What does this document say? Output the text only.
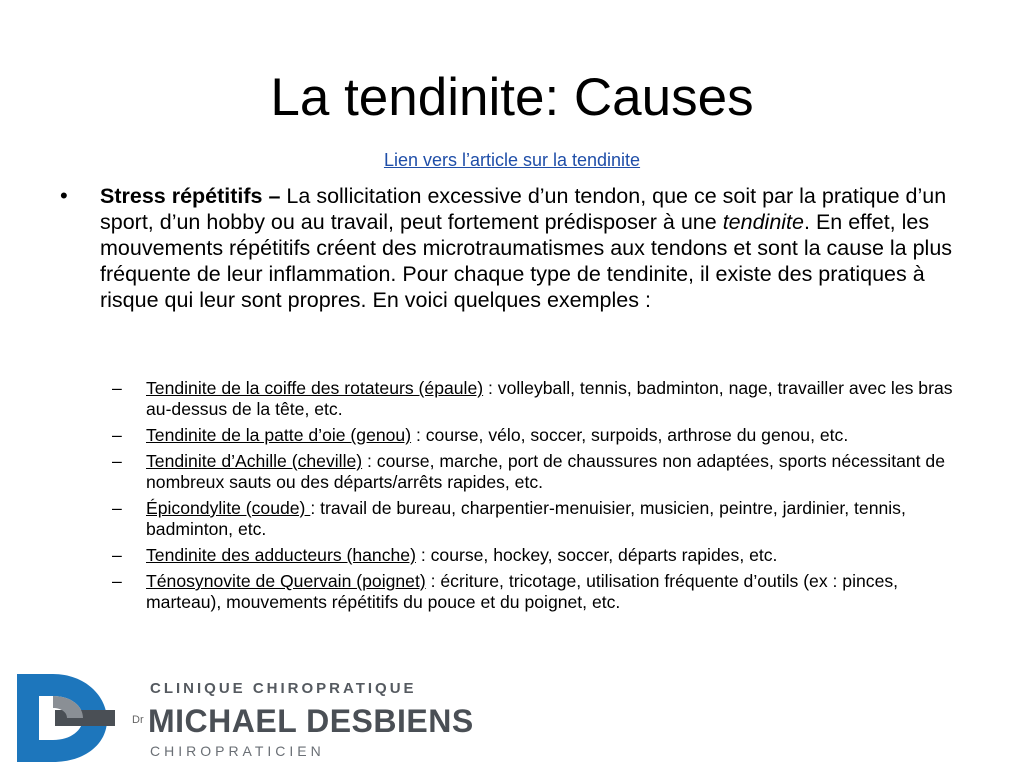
La tendinite: Causes
Lien vers l’article sur la tendinite
• Stress répétitifs – La sollicitation excessive d’un tendon, que ce soit par la pratique d’un sport, d’un hobby ou au travail, peut fortement prédisposer à une tendinite. En effet, les mouvements répétitifs créent des microtraumatismes aux tendons et sont la cause la plus fréquente de leur inflammation. Pour chaque type de tendinite, il existe des pratiques à risque qui leur sont propres. En voici quelques exemples :
– Tendinite de la coiffe des rotateurs (épaule) : volleyball, tennis, badminton, nage, travailler avec les bras au-dessus de la tête, etc.
– Tendinite de la patte d’oie (genou) : course, vélo, soccer, surpoids, arthrose du genou, etc.
– Tendinite d’Achille (cheville) : course, marche, port de chaussures non adaptées, sports nécessitant de nombreux sauts ou des départs/arrêts rapides, etc.
– Épicondylite (coude) : travail de bureau, charpentier-menuisier, musicien, peintre, jardinier, tennis, badminton, etc.
– Tendinite des adducteurs (hanche) : course, hockey, soccer, départs rapides, etc.
– Ténosynovite de Quervain (poignet) : écriture, tricotage, utilisation fréquente d’outils (ex : pinces, marteau), mouvements répétitifs du pouce et du poignet, etc.
CLINIQUE CHIROPRATIQUE
Dr MICHAEL DESBIENS
CHIROPRATICIEN
